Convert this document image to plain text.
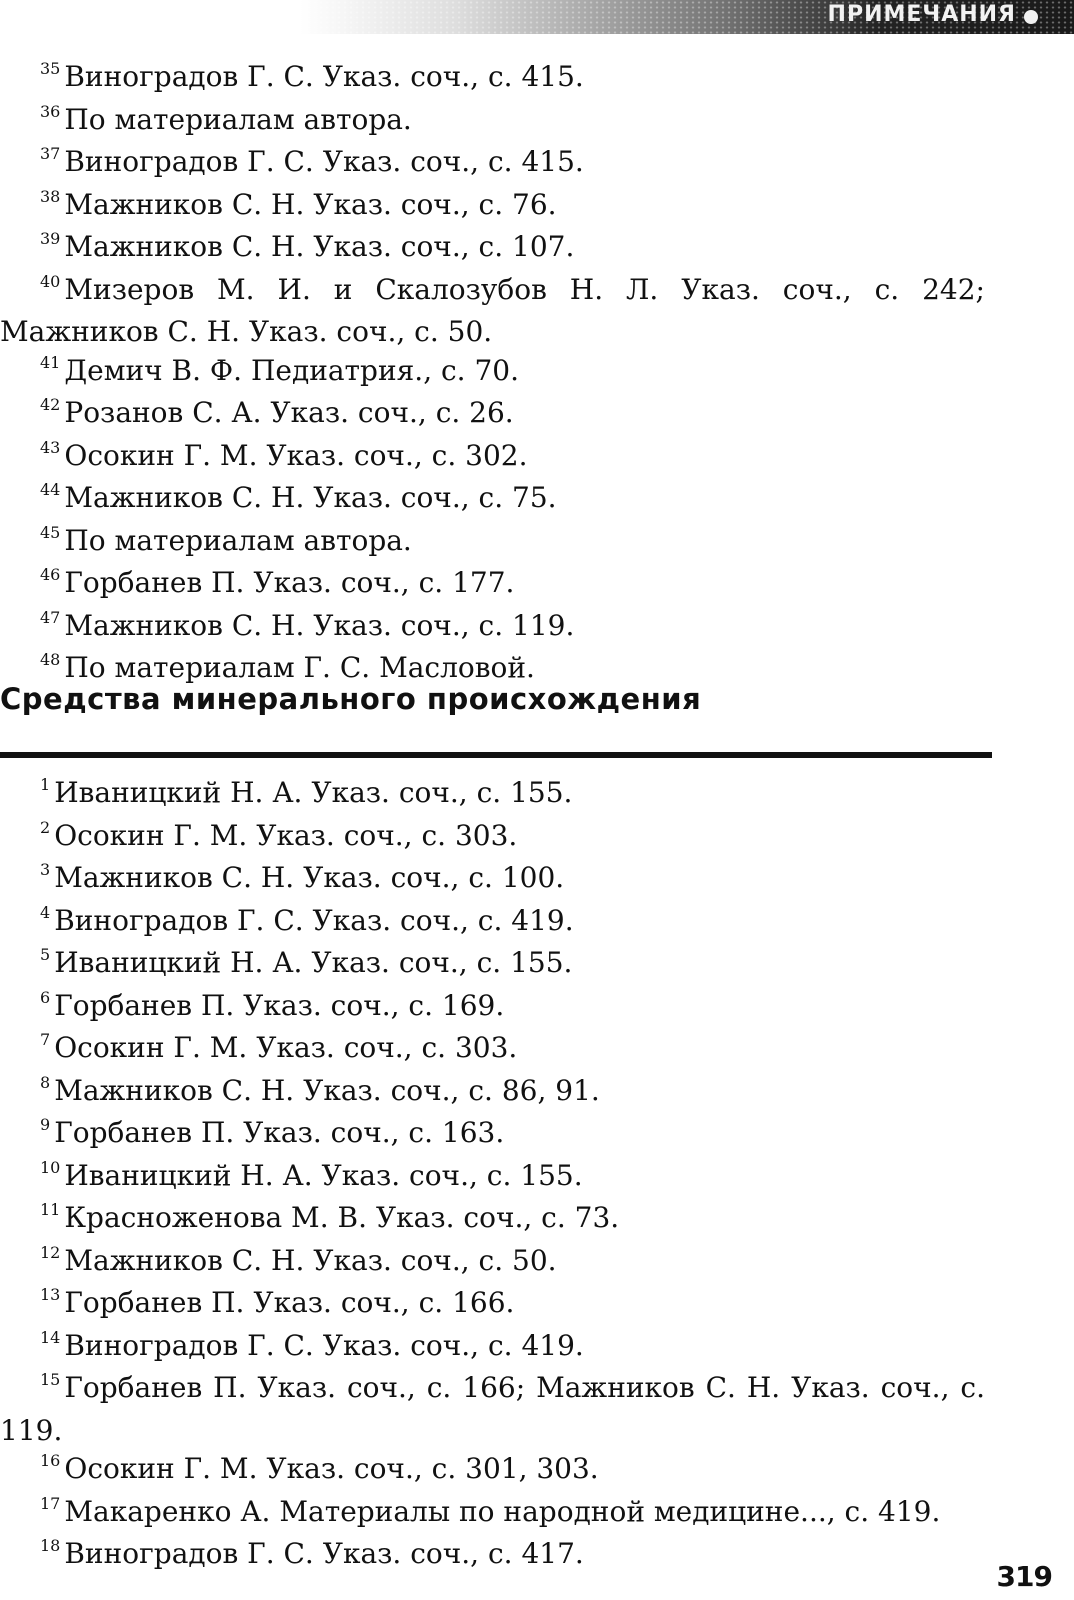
ПРИМЕЧАНИЯ

$^{35}$ Виноградов Г. С. Указ. соч., с. 415.

$^{36}$ По материалам автора.

$^{37}$ Виноградов Г. С. Указ. соч., с. 415.

$^{38}$ Мажников С. Н. Указ. соч., с. 76.

$^{39}$ Мажников С. Н. Указ. соч., с. 107.

$^{40}$ Мизеров М. И. и Скалозубов Н. Л. Указ. соч., с. 242; Мажников С. Н. Указ. соч., с. 50.

$^{41}$ Демич В. Ф. Педиатрия., с. 70.

$^{42}$ Розанов С. А. Указ. соч., с. 26.

$^{43}$ Осокин Г. М. Указ. соч., с. 302.

$^{44}$ Мажников С. Н. Указ. соч., с. 75.

$^{45}$ По материалам автора.

$^{46}$ Горбанев П. Указ. соч., с. 177.

$^{47}$ Мажников С. Н. Указ. соч., с. 119.

$^{48}$ По материалам Г. С. Масловой.

Средства минерального происхождения

$^1$ Иваницкий Н. А. Указ. соч., с. 155.

$^2$ Осокин Г. М. Указ. соч., с. 303.

$^3$ Мажников С. Н. Указ. соч., с. 100.

$^4$ Виноградов Г. С. Указ. соч., с. 419.

$^5$ Иваницкий Н. А. Указ. соч., с. 155.

$^6$ Горбанев П. Указ. соч., с. 169.

$^7$ Осокин Г. М. Указ. соч., с. 303.

$^8$ Мажников С. Н. Указ. соч., с. 86, 91.

$^9$ Горбанев П. Указ. соч., с. 163.

$^{10}$ Иваницкий Н. А. Указ. соч., с. 155.

$^{11}$ Красноженова М. В. Указ. соч., с. 73.

$^{12}$ Мажников С. Н. Указ. соч., с. 50.

$^{13}$ Горбанев П. Указ. соч., с. 166.

$^{14}$ Виноградов Г. С. Указ. соч., с. 419.

$^{15}$ Горбанев П. Указ. соч., с. 166; Мажников С. Н. Указ. соч., с. 119.

$^{16}$ Осокин Г. М. Указ. соч., с. 301, 303.

$^{17}$ Макаренко А. Материалы по народной медицине..., с. 419.

$^{18}$ Виноградов Г. С. Указ. соч., с. 417.

319
